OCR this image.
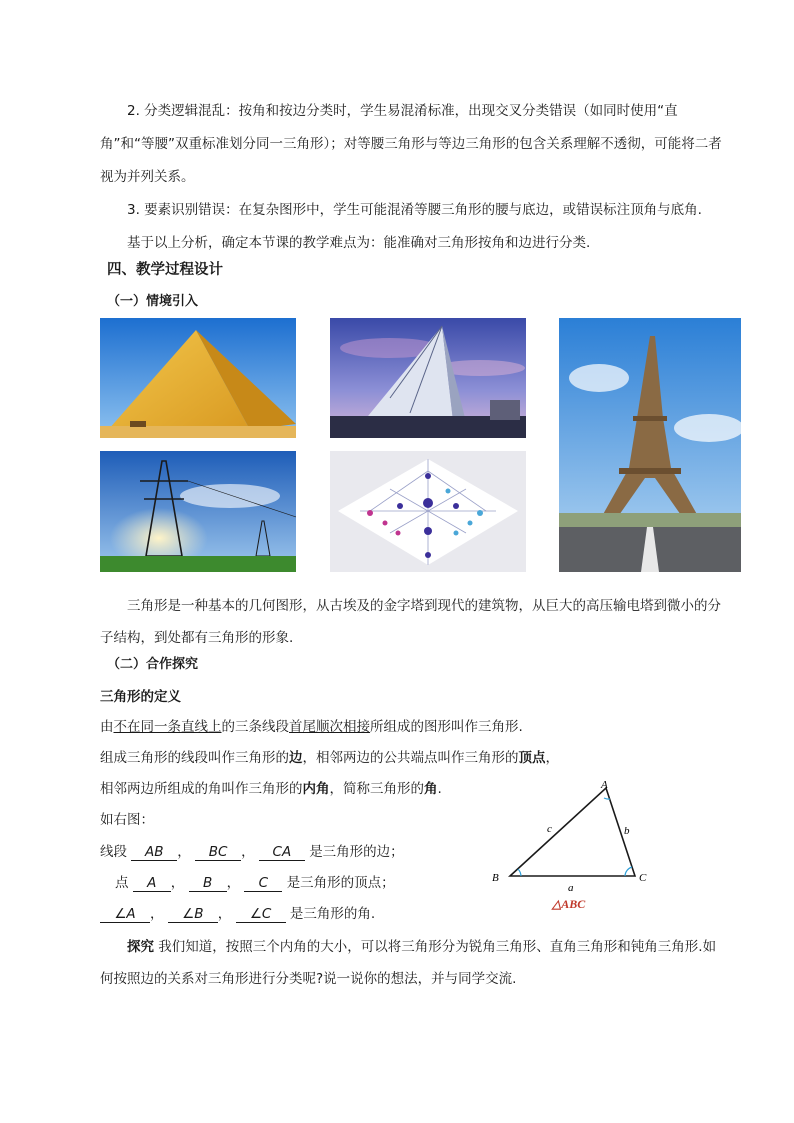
2. 分类逻辑混乱：按角和按边分类时，学生易混淆标准，出现交叉分类错误（如同时使用“直角”和“等腰”双重标准划分同一三角形）；对等腰三角形与等边三角形的包含关系理解不透彻，可能将二者视为并列关系。
3. 要素识别错误：在复杂图形中，学生可能混淆等腰三角形的腰与底边，或错误标注顶角与底角.
基于以上分析，确定本节课的教学难点为：能准确对三角形按角和边进行分类.
四、教学过程设计
（一）情境引入
三角形是一种基本的几何图形，从古埃及的金字塔到现代的建筑物，从巨大的高压输电塔到微小的分子结构，到处都有三角形的形象.
（二）合作探究
三角形的定义
由不在同一条直线上的三条线段首尾顺次相接所组成的图形叫作三角形.
组成三角形的线段叫作三角形的边，相邻两边的公共端点叫作三角形的顶点，
相邻两边所组成的角叫作三角形的内角，简称三角形的角.
如右图：
线段 AB ， BC ， CA 是三角形的边；
点 A ， B ， C 是三角形的顶点；
∠A ， ∠B ， ∠C 是三角形的角.
A
B	C
a
b
c
△ABC
探究 我们知道，按照三个内角的大小，可以将三角形分为锐角三角形、直角三角形和钝角三角形.如何按照边的关系对三角形进行分类呢?说一说你的想法，并与同学交流.
